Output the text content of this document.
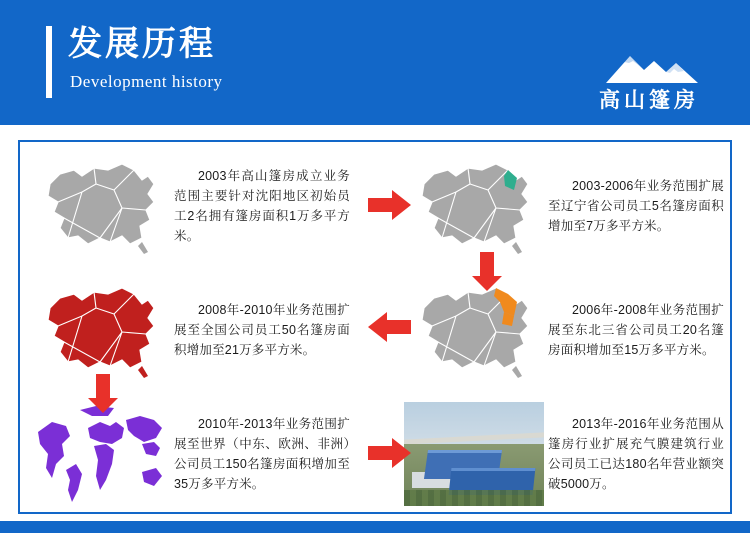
发展历程
Development history
高山篷房
2003年高山篷房成立业务范围主要针对沈阳地区初始员工2名拥有篷房面积1万多平方米。
2003-2006年业务范围扩展至辽宁省公司员工5名篷房面积增加至7万多平方米。
2008年-2010年业务范围扩展至全国公司员工50名篷房面积增加至21万多平方米。
2006年-2008年业务范围扩展至东北三省公司员工20名篷房面积增加至15万多平方米。
2010年-2013年业务范围扩展至世界（中东、欧洲、非洲）公司员工150名篷房面积增加至35万多平方米。
2013年-2016年业务范围从篷房行业扩展充气膜建筑行业公司员工已达180名年营业额突破5000万。
